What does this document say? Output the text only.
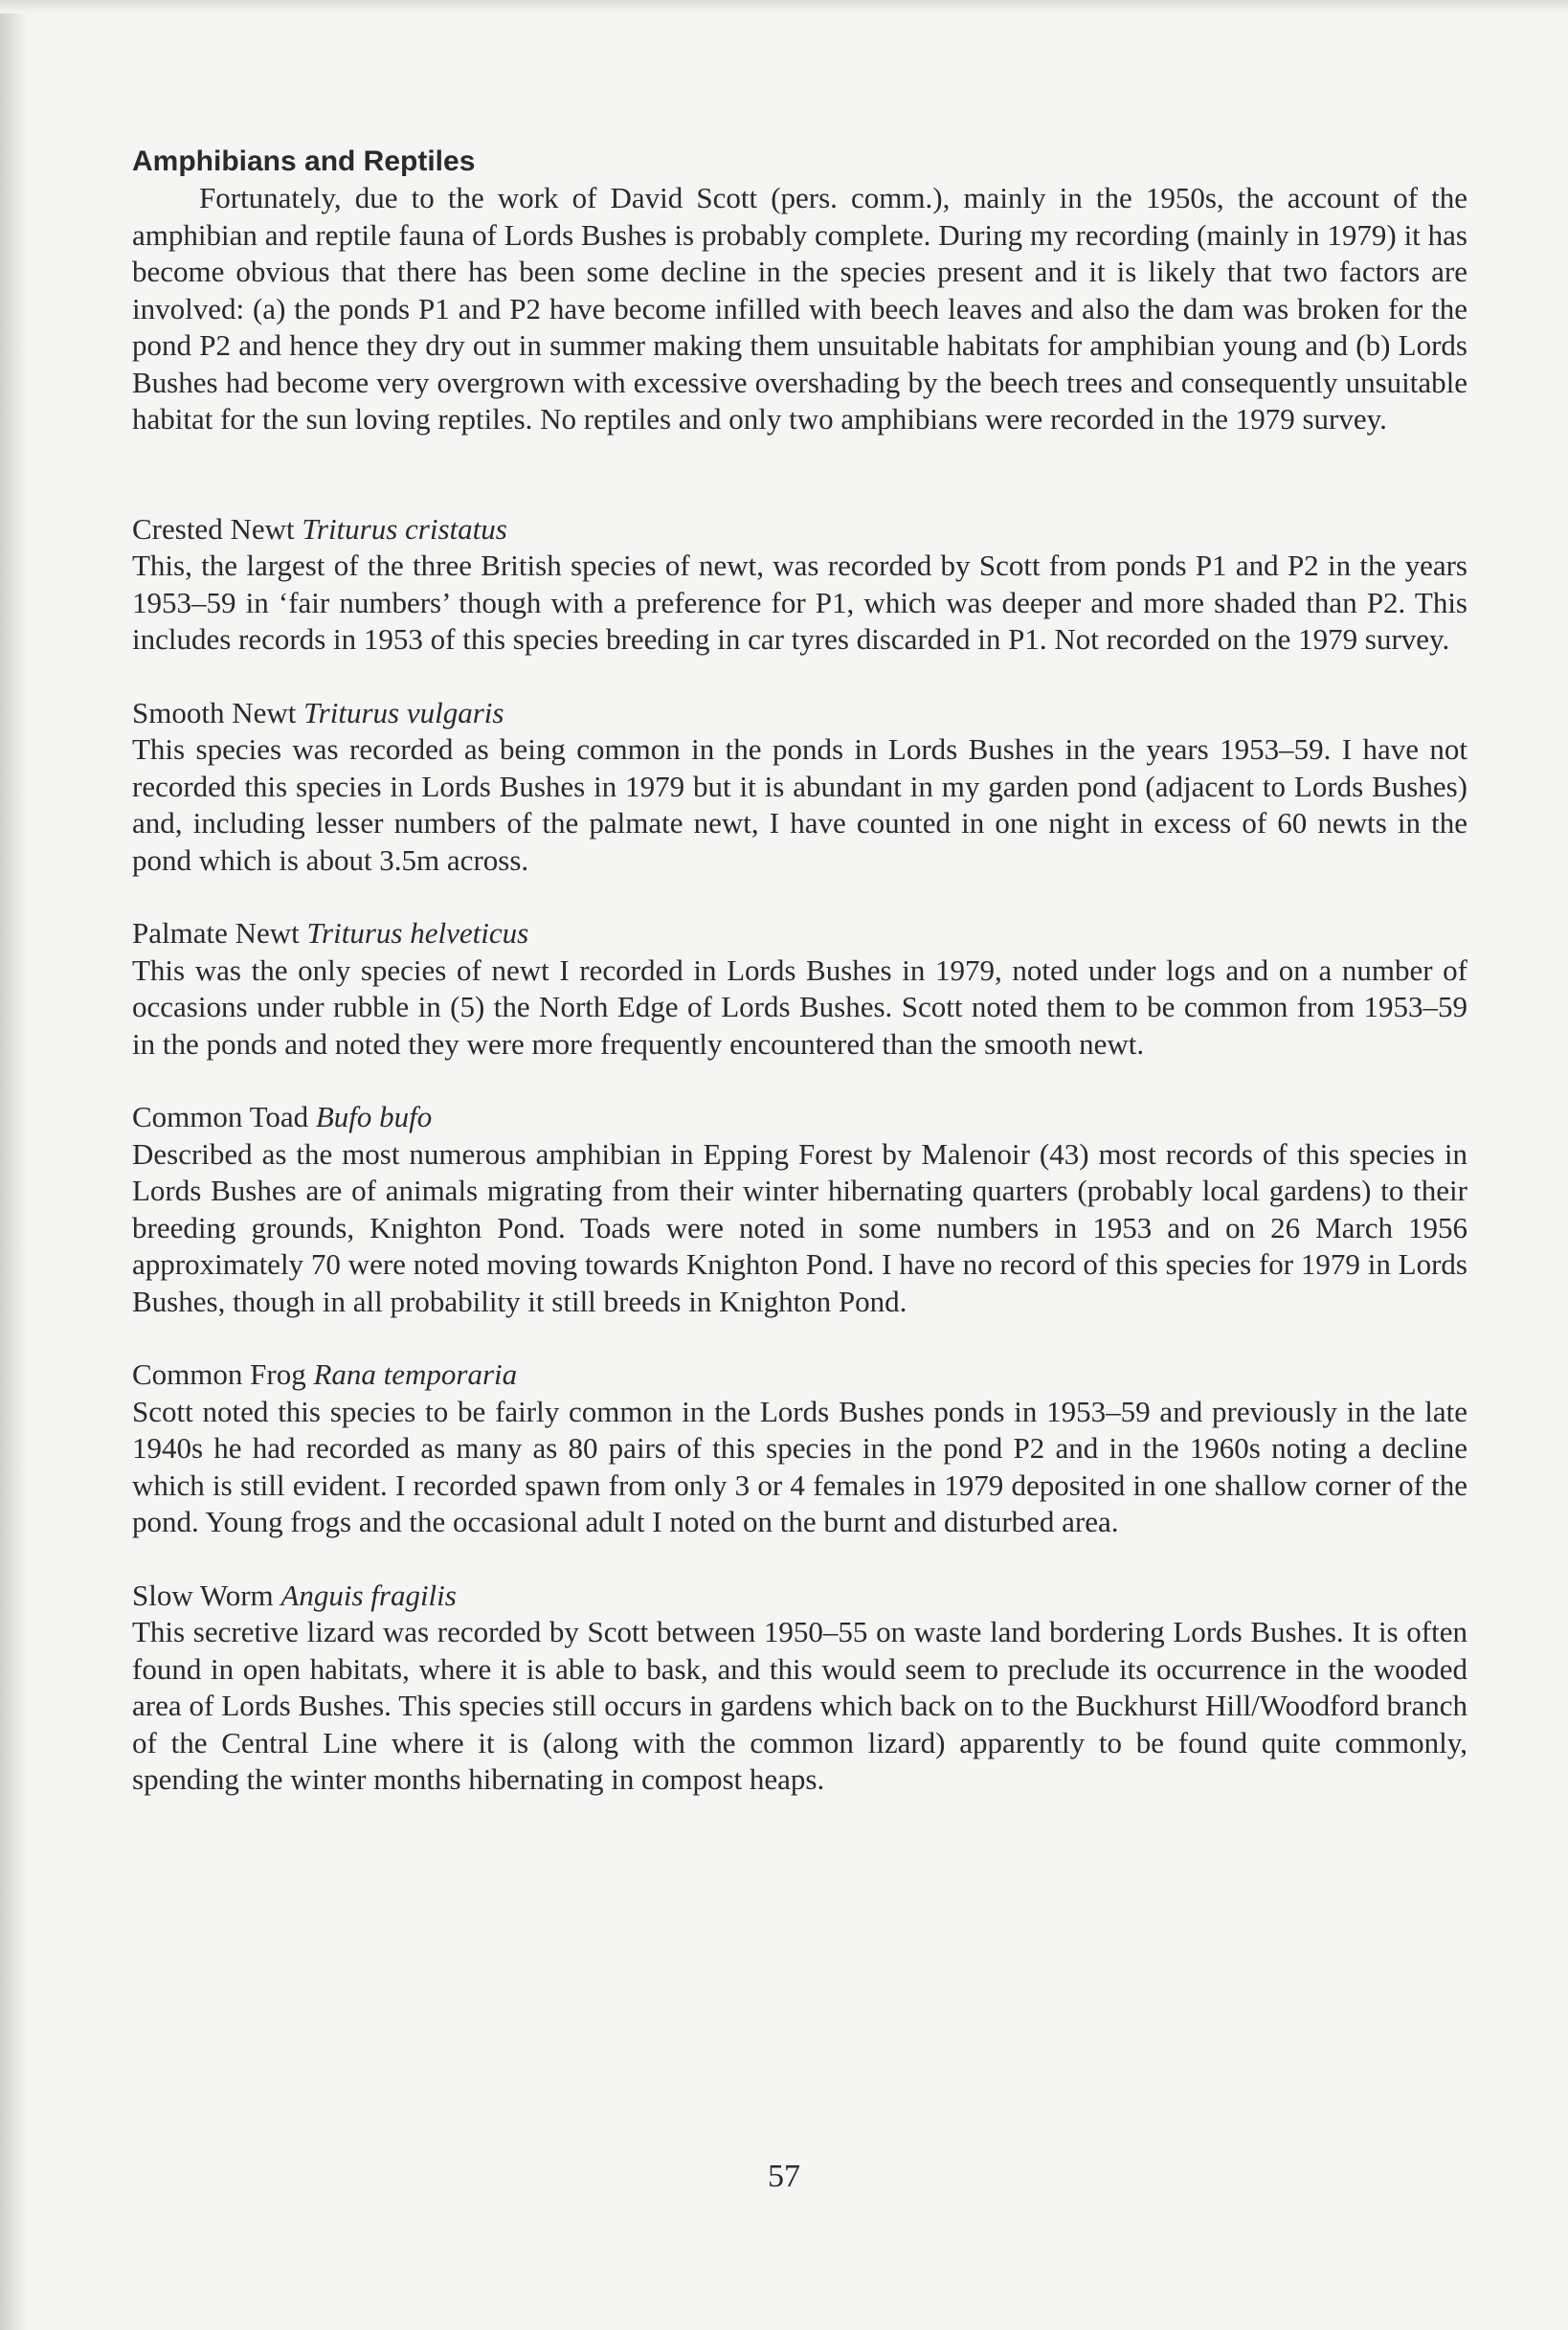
Amphibians and Reptiles

Fortunately, due to the work of David Scott (pers. comm.), mainly in the 1950s, the account of the amphibian and reptile fauna of Lords Bushes is probably complete. During my recording (mainly in 1979) it has become obvious that there has been some decline in the species present and it is likely that two factors are involved: (a) the ponds P1 and P2 have become infilled with beech leaves and also the dam was broken for the pond P2 and hence they dry out in summer making them unsuitable habitats for amphibian young and (b) Lords Bushes had become very overgrown with excessive overshading by the beech trees and consequently unsuitable habitat for the sun loving reptiles. No reptiles and only two amphibians were recorded in the 1979 survey.

Crested Newt Triturus cristatus

This, the largest of the three British species of newt, was recorded by Scott from ponds P1 and P2 in the years 1953–59 in ‘fair numbers’ though with a preference for P1, which was deeper and more shaded than P2. This includes records in 1953 of this species breeding in car tyres discarded in P1. Not recorded on the 1979 survey.

Smooth Newt Triturus vulgaris

This species was recorded as being common in the ponds in Lords Bushes in the years 1953–59. I have not recorded this species in Lords Bushes in 1979 but it is abundant in my garden pond (adjacent to Lords Bushes) and, including lesser numbers of the palmate newt, I have counted in one night in excess of 60 newts in the pond which is about 3.5m across.

Palmate Newt Triturus helveticus

This was the only species of newt I recorded in Lords Bushes in 1979, noted under logs and on a number of occasions under rubble in (5) the North Edge of Lords Bushes. Scott noted them to be common from 1953–59 in the ponds and noted they were more frequently encountered than the smooth newt.

Common Toad Bufo bufo

Described as the most numerous amphibian in Epping Forest by Malenoir (43) most records of this species in Lords Bushes are of animals migrating from their winter hibernating quarters (probably local gardens) to their breeding grounds, Knighton Pond. Toads were noted in some numbers in 1953 and on 26 March 1956 approximately 70 were noted moving towards Knighton Pond. I have no record of this species for 1979 in Lords Bushes, though in all probability it still breeds in Knighton Pond.

Common Frog Rana temporaria

Scott noted this species to be fairly common in the Lords Bushes ponds in 1953–59 and previously in the late 1940s he had recorded as many as 80 pairs of this species in the pond P2 and in the 1960s noting a decline which is still evident. I recorded spawn from only 3 or 4 females in 1979 deposited in one shallow corner of the pond. Young frogs and the occasional adult I noted on the burnt and disturbed area.

Slow Worm Anguis fragilis

This secretive lizard was recorded by Scott between 1950–55 on waste land bordering Lords Bushes. It is often found in open habitats, where it is able to bask, and this would seem to preclude its occurrence in the wooded area of Lords Bushes. This species still occurs in gardens which back on to the Buckhurst Hill/Woodford branch of the Central Line where it is (along with the common lizard) apparently to be found quite commonly, spending the winter months hibernating in compost heaps.

57
